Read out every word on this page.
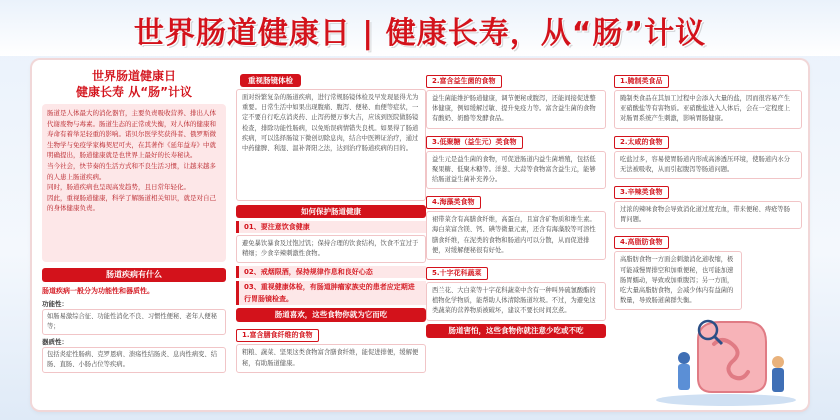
世界肠道健康日 | 健康长寿，从“肠”计议
世界肠道健康日
健康长寿 从“肠”计议

肠道是人体最大的消化器官，主要负责吸收营养、排出人体代谢废物与毒素。肠道生态的正常或失衡，对人体的健康和寿命有着举足轻重的影响。诺贝尔医学奖获得者、俄罗斯微生物学与免疫学家梅契尼可夫，在其著作《延年益寿》中就明确提出，肠道健康就是也世界上最好的长寿秘诀。

当今社会，快节奏的生活方式和不良生活习惯，让越来越多的人患上肠道疾病。

同时，肠道疾病也呈现高发趋势，且日常年轻化。

因此，重视肠道健康，科学了解肠道相关知识，就是对自己的身体健康负责。

肠道疾病有什么
肠道疾病一般分为功能性和器质性。
功能性：
如肠易激综合征、功能性消化不良、习惯性便秘、老年人便秘等；
器质性：
包括炎症性肠病、克罗恩病、溃疡性结肠炎、息肉性病变、结肠、直肠、小肠占位等疾病。
重视肠镜体检
面对纷繁复杂的肠道疾病，进行常规肠镜体检及早发现显得尤为重要。日常生活中如果出现腹痛、腹泻、便秘、血便等症状，一定不要自行吃点消炎药、止泻药便万事大吉，应该到医院做肠镜检查，排除功能性肠病，以免贻误病情错失良机。如果得了肠道疾病，可以选择肠镜下微创切除息肉，结合中医辨证治疗，通过中药健脾、利湿、温补肾阳之法，达到治疗肠道疾病的目的。
如何保护肠道健康
01、要注意饮食健康
避免暴饮暴食及过饱过饥；保持合理的饮食结构，饮食不宜过于精细；少食辛辣刺激性食物。
02、戒烟限酒，保持规律作息和良好心态
03、重视健康体检，有肠道肿瘤家族史的患者应定期进行胃肠镜检查。
肠道喜欢，这些食物你就为它而吃
1.富含膳食纤维的食物
粗粮、蔬菜、坚果这类食物富含膳食纤维，能促进排便，缓解便秘，有助肠道健康。
2.富含益生菌的食物
益生菌能维护肠道健康，调节便秘或腹泻，还能间接促进整体健康，例如缓解过敏、提升免疫力等。富含益生菌的食物有酸奶、奶酪等发酵食品。
3.低聚糖（益生元）类食物
益生元是益生菌的食物，可促进肠道内益生菌增殖，包括低聚果糖、低聚木糖等。洋葱、大蒜等食物富含益生元，能够给肠道益生菌补充养分。
4.海藻类食物
裙带菜含有高膳食纤维，高蛋白，且富含矿物质和维生素。海白菜富含镁、钙、碘等微量元素，还含有海藻胶等可溶性膳食纤维，在泥类的食物和肠道内可以分散，从而促进排便，对缓解便秘很有好处。
5.十字花科蔬菜
西兰花、大白菜等十字花科蔬菜中含有一种叫异硫氰酸酯的植物化学物质，能帮助人体清除肠道垃圾。不过，为避免这类蔬菜的营养物质被破坏，建议不要长时间烹煮。
肠道害怕，这些食物你就注意少吃或不吃
1.腌制类食品
腌制类食品在其加工过程中会添入大量的盐，因而很容易产生亚硝酸盐等有害物质。亚硝酸盐进入人体后，会在一定程度上对肠胃系统产生刺激，影响胃肠健康。
2.太咸的食物
吃盐过多，容易使胃肠道内形成高渗透压环境，使肠道内水分无法被吸收，从而引起腹泻等肠道问题。
3.辛辣类食物
过浓的辣味食物会导致消化道过度充血，带来便秘、痔疮等肠胃问题。
4.高脂肪食物
高脂肪食物一方面会刺激消化道收缩，极可能减慢胃排空和加重便秘，也可能加速肠胃蠕动，导致或加重腹泻；另一方面，吃大量高脂肪食物，会减少体内有益菌的数量，导致肠道菌群失衡。
